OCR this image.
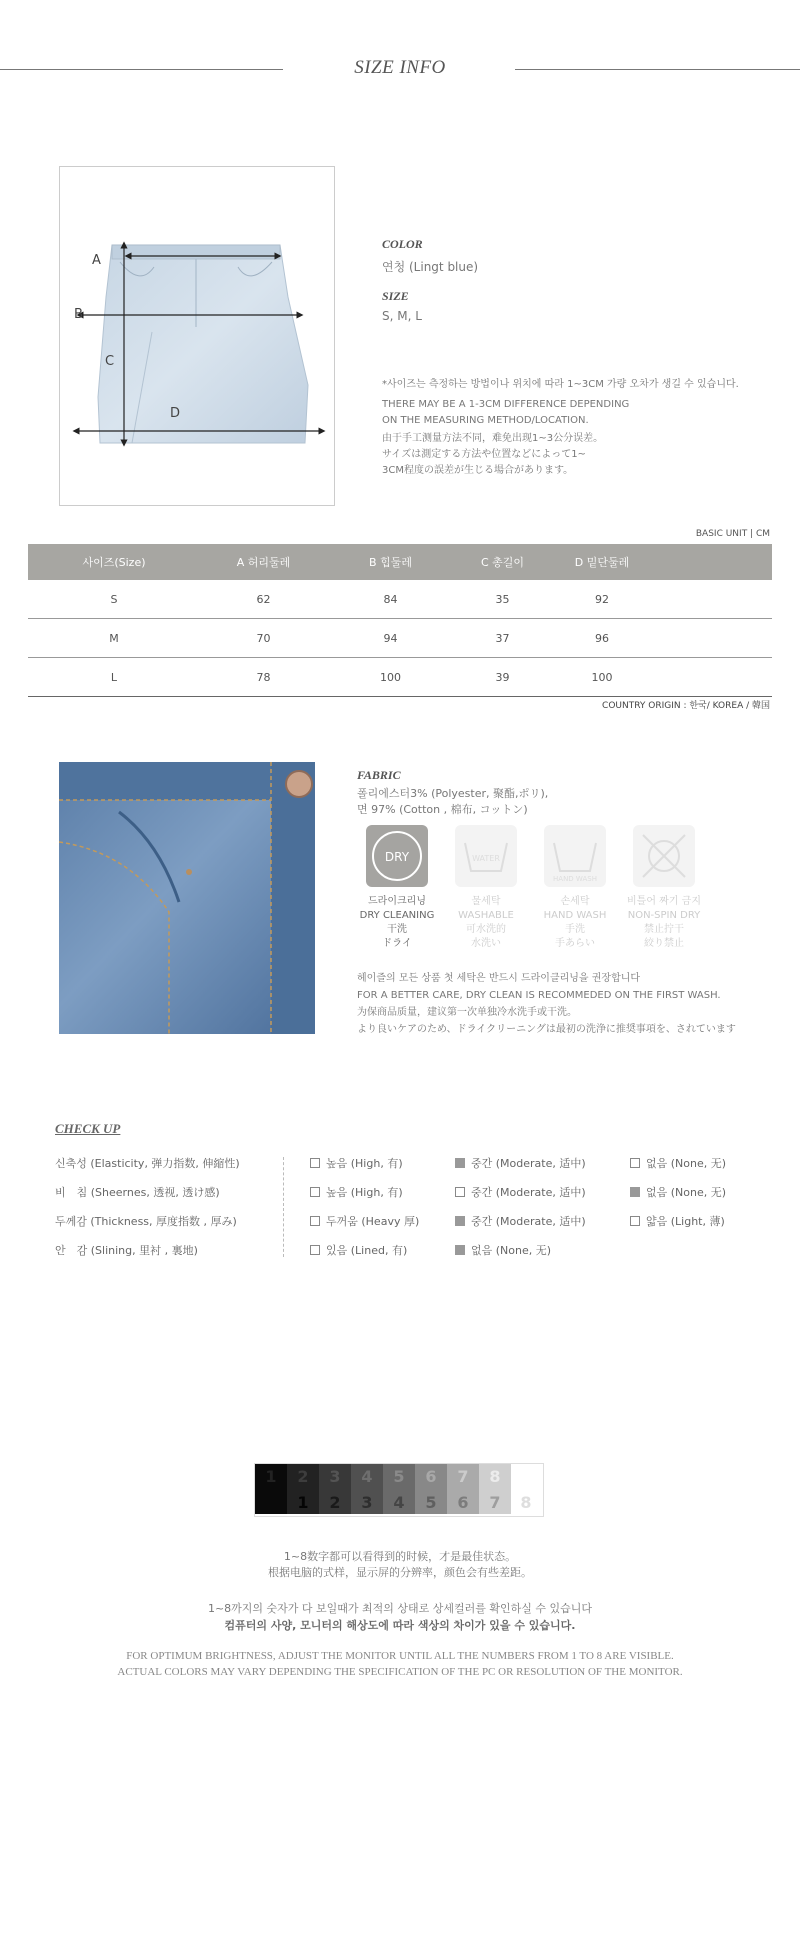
SIZE INFO
A
B
C
D
COLOR
연청 (Lingt blue)
SIZE
S, M, L
*사이즈는 측정하는 방법이나 위치에 따라 1~3CM 가량 오차가 생길 수 있습니다.
THERE MAY BE A 1-3CM DIFFERENCE DEPENDING
ON THE MEASURING METHOD/LOCATION.
由于手工测量方法不同，难免出现1~3公分误差。
サイズは測定する方法や位置などによって1~
3CM程度の誤差が生じる場合があります。
BASIC UNIT | CM
사이즈(Size)	A 허리둘레	B 힙둘레	C 총길이	D 밑단둘레	
S	62	84	35	92	
M	70	94	37	96	
L	78	100	39	100	
COUNTRY ORIGIN : 한국/ KOREA / 韓国
FABRIC
폴리에스터3% (Polyester, 聚酯,ポリ),
면 97% (Cotton , 棉布, コットン)
DRY	WATER
HAND WASH
드라이크리닝
DRY CLEANING
干洗
ドライ
물세탁
WASHABLE
可水洗的
水洗い
손세탁
HAND WASH
手洗
手あらい
비틀어 짜기 금지
NON-SPIN DRY
禁止拧干
絞り禁止
헤이즐의 모든 상품 첫 세탁은 반드시 드라이클리닝을 권장합니다
FOR A BETTER CARE, DRY CLEAN IS RECOMMEDED ON THE FIRST WASH.
为保商品质量，建议第一次单独冷水洗手或干洗。
より良いケアのため、ドライクリーニングは最初の洗浄に推奨事項を、されています
CHECK UP
신축성 (Elasticity, 弹力指数, 伸縮性)	높음 (High, 有)	중간 (Moderate, 适中)	없음 (None, 无)
비　침 (Sheernes, 透视, 透け感)	높음 (High, 有)	중간 (Moderate, 适中)	없음 (None, 无)
두께감 (Thickness, 厚度指数 , 厚み)	두꺼움 (Heavy 厚)	중간 (Moderate, 适中)	얇음 (Light, 薄)
안　감 (Slining, 里衬 , 裏地)	있음 (Lined, 有)	없음 (None, 无)
1	2	3	4	5	6	7	8
1	2	3	4	5	6	7	8
1~8数字都可以看得到的时候，才是最佳状态。
根据电脑的式样，显示屏的分辨率，颜色会有些差距。
1~8까지의 숫자가 다 보일때가 최적의 상태로 상세컬러를 확인하실 수 있습니다
컴퓨터의 사양, 모니터의 해상도에 따라 색상의 차이가 있을 수 있습니다.
FOR OPTIMUM BRIGHTNESS, ADJUST THE MONITOR UNTIL ALL THE NUMBERS FROM 1 TO 8 ARE VISIBLE.
ACTUAL COLORS MAY VARY DEPENDING THE SPECIFICATION OF THE PC OR RESOLUTION OF THE MONITOR.
